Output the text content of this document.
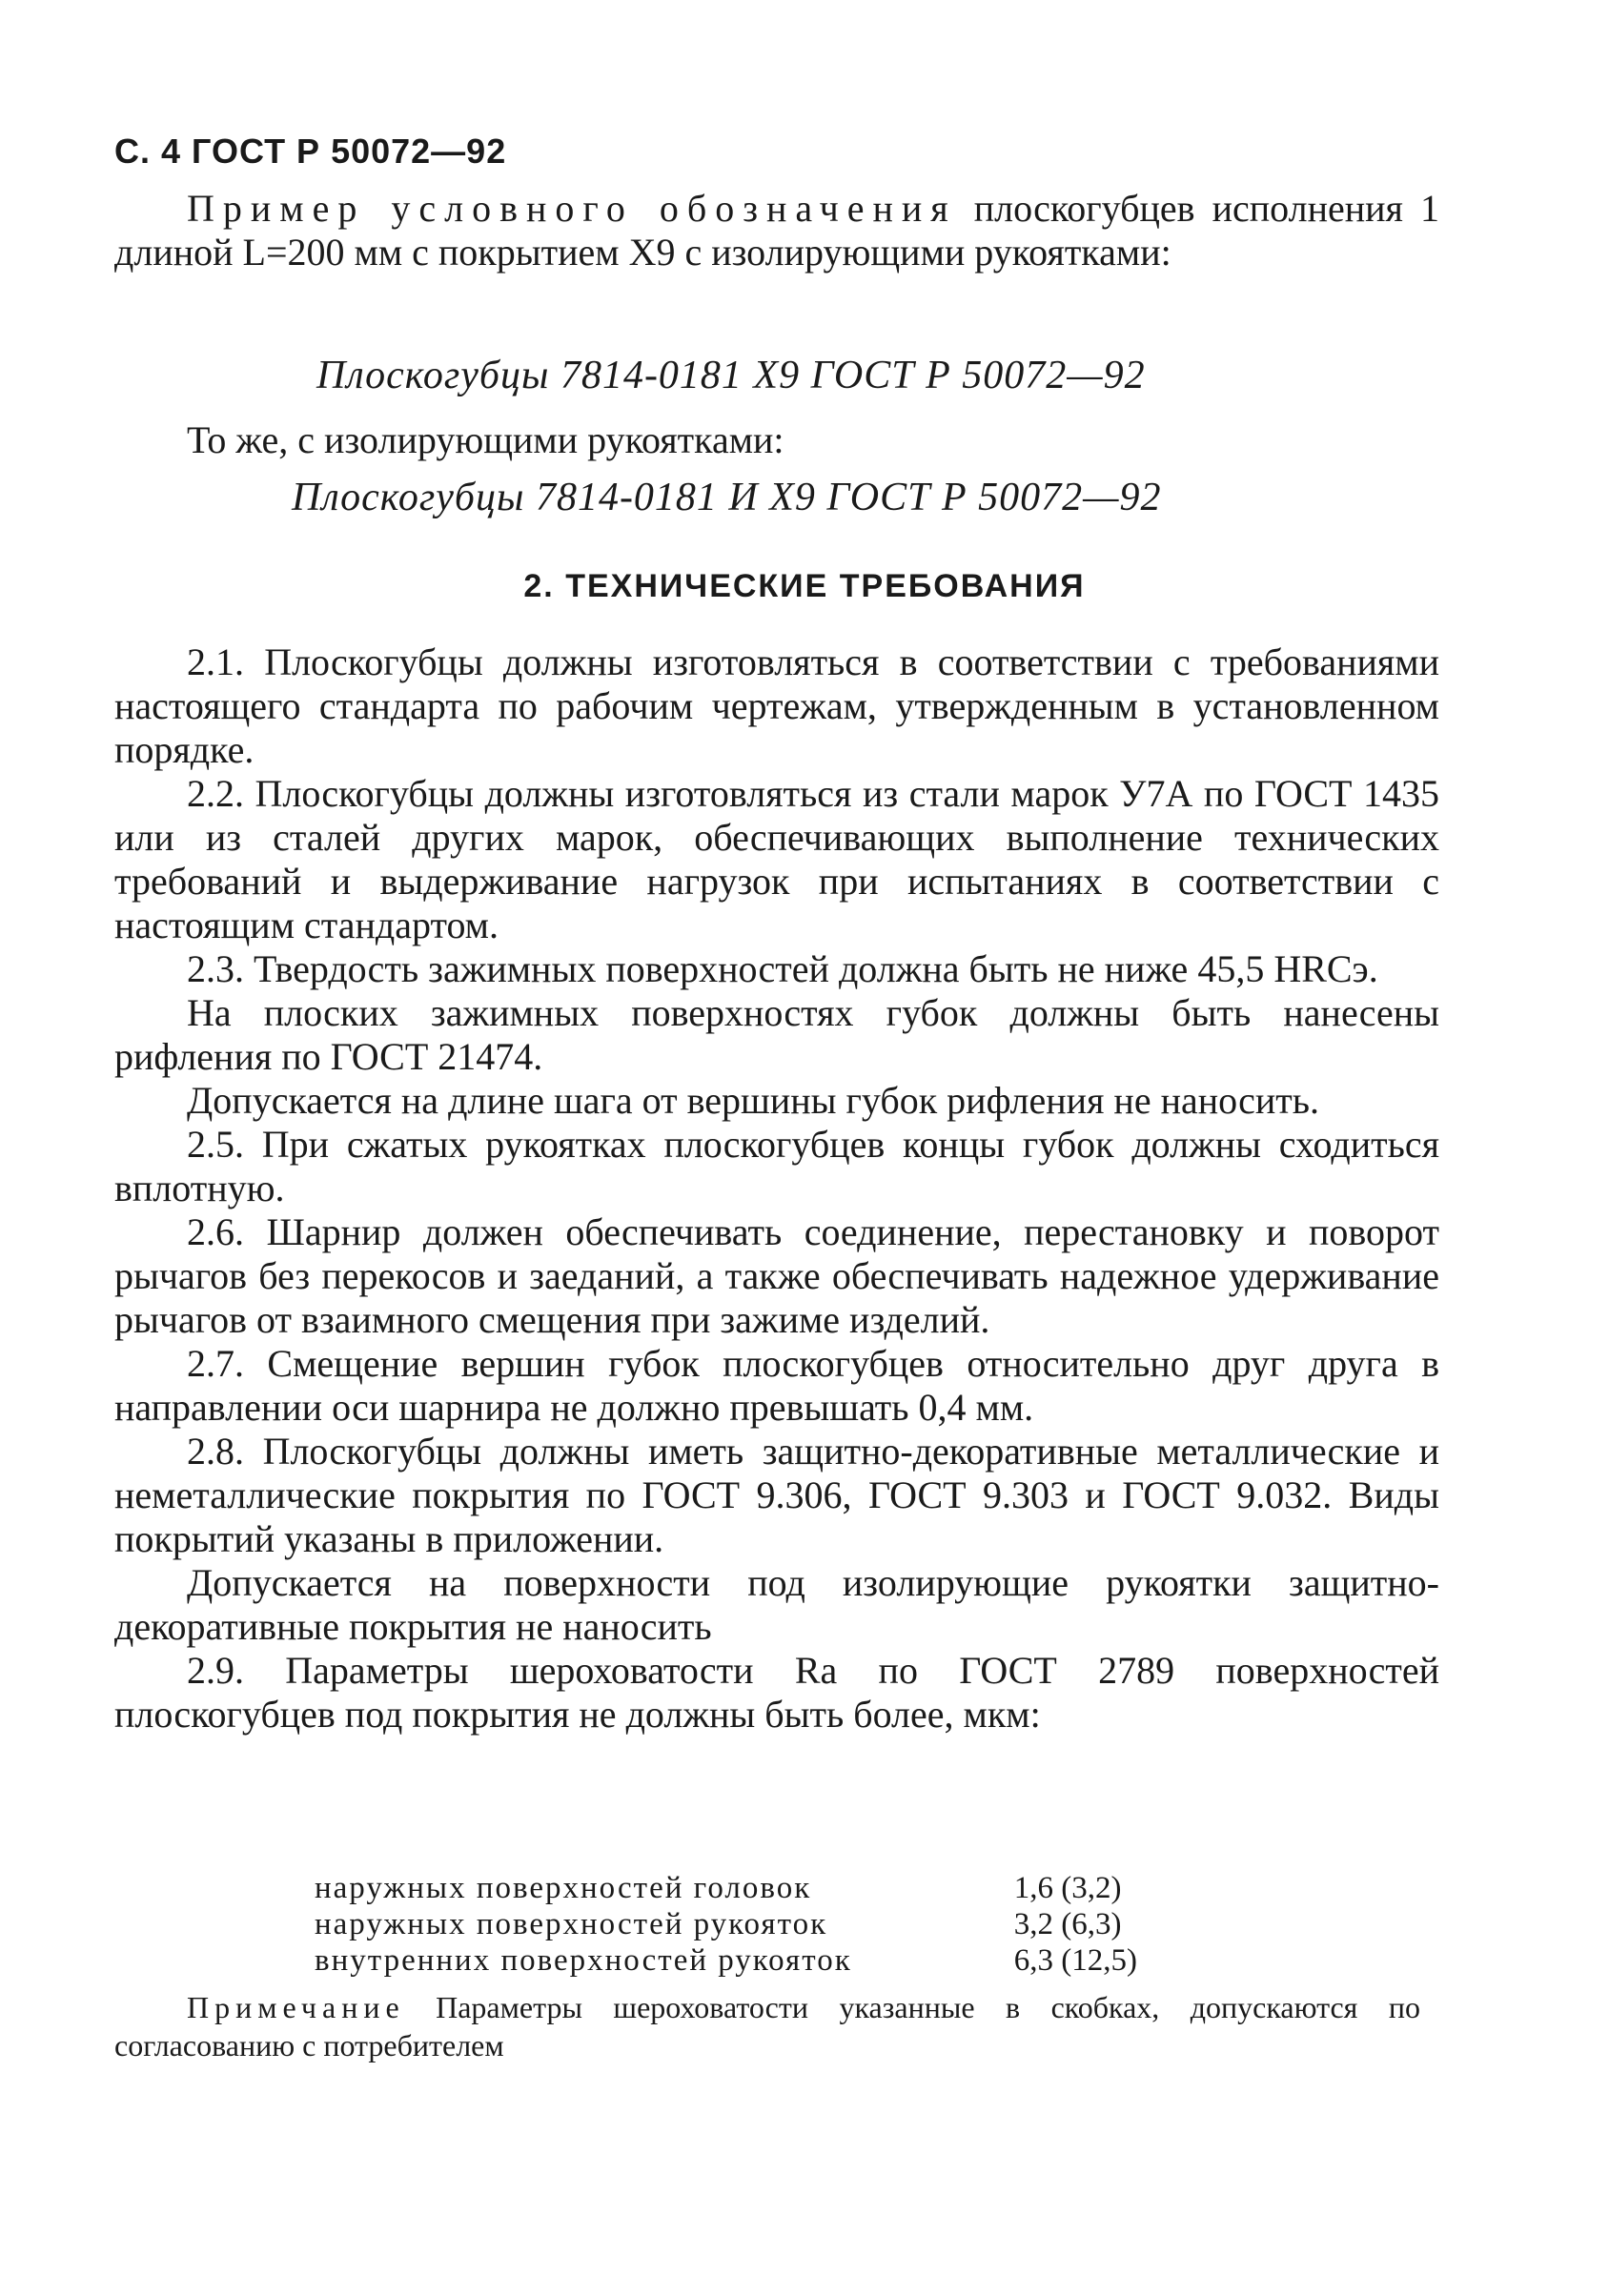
С. 4 ГОСТ Р 50072—92

Пример условного обозначения плоскогубцев исполнения 1 длиной L=200 мм с покрытием Х9 с изолирующими рукоятками:

Плоскогубцы 7814-0181 Х9 ГОСТ Р 50072—92
То же, с изолирующими рукоятками:
Плоскогубцы 7814-0181 И Х9 ГОСТ Р 50072—92
2. ТЕХНИЧЕСКИЕ ТРЕБОВАНИЯ

2.1. Плоскогубцы должны изготовляться в соответствии с требованиями настоящего стандарта по рабочим чертежам, утвержденным в установленном порядке.

2.2. Плоскогубцы должны изготовляться из стали марок У7А по ГОСТ 1435 или из сталей других марок, обеспечивающих выполнение технических требований и выдерживание нагрузок при испытаниях в соответствии с настоящим стандартом.

2.3. Твердость зажимных поверхностей должна быть не ниже 45,5 HRCэ.

На плоских зажимных поверхностях губок должны быть нанесены рифления по ГОСТ 21474.

Допускается на длине шага от вершины губок рифления не наносить.

2.5. При сжатых рукоятках плоскогубцев концы губок должны сходиться вплотную.

2.6. Шарнир должен обеспечивать соединение, перестановку и поворот рычагов без перекосов и заеданий, а также обеспечивать надежное удерживание рычагов от взаимного смещения при зажиме изделий.

2.7. Смещение вершин губок плоскогубцев относительно друг друга в направлении оси шарнира не должно превышать 0,4 мм.

2.8. Плоскогубцы должны иметь защитно-декоративные металлические и неметаллические покрытия по ГОСТ 9.306, ГОСТ 9.303 и ГОСТ 9.032. Виды покрытий указаны в приложении.

Допускается на поверхности под изолирующие рукоятки защитно-декоративные покрытия не наносить

2.9. Параметры шероховатости Ra по ГОСТ 2789 поверхностей плоскогубцев под покрытия не должны быть более, мкм:

наружных поверхностей головок	1,6 (3,2)
наружных поверхностей рукояток	3,2 (6,3)
внутренних поверхностей рукояток	6,3 (12,5)

Примечание Параметры шероховатости указанные в скобках, допускаются по согласованию с потребителем
